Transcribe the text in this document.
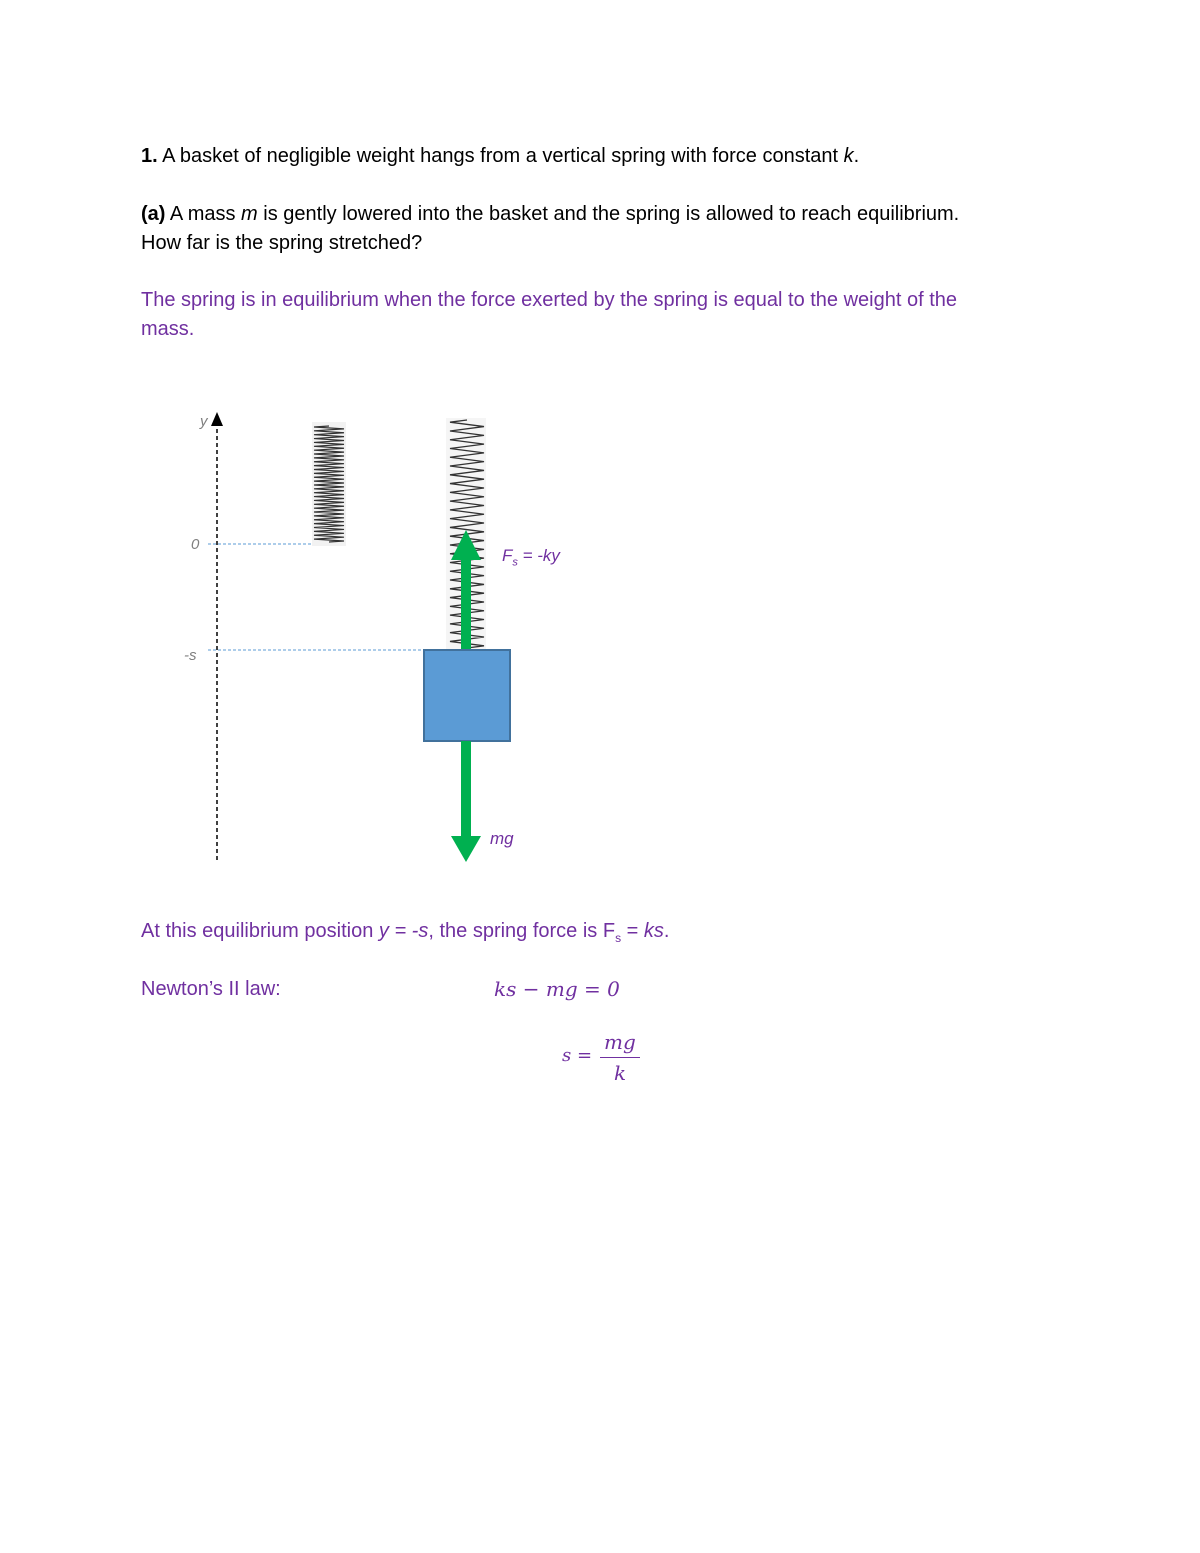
1. A basket of negligible weight hangs from a vertical spring with force constant k.
(a) A mass m is gently lowered into the basket and the spring is allowed to reach equilibrium.
How far is the spring stretched?
The spring is in equilibrium when the force exerted by the spring is equal to the weight of the
mass.
y
0
-s
$F_s = -ky$
mg
At this equilibrium position y = -s, the spring force is $F_s$ = ks.
Newton’s II law:	ks − mg = 0
s =
mg
k
